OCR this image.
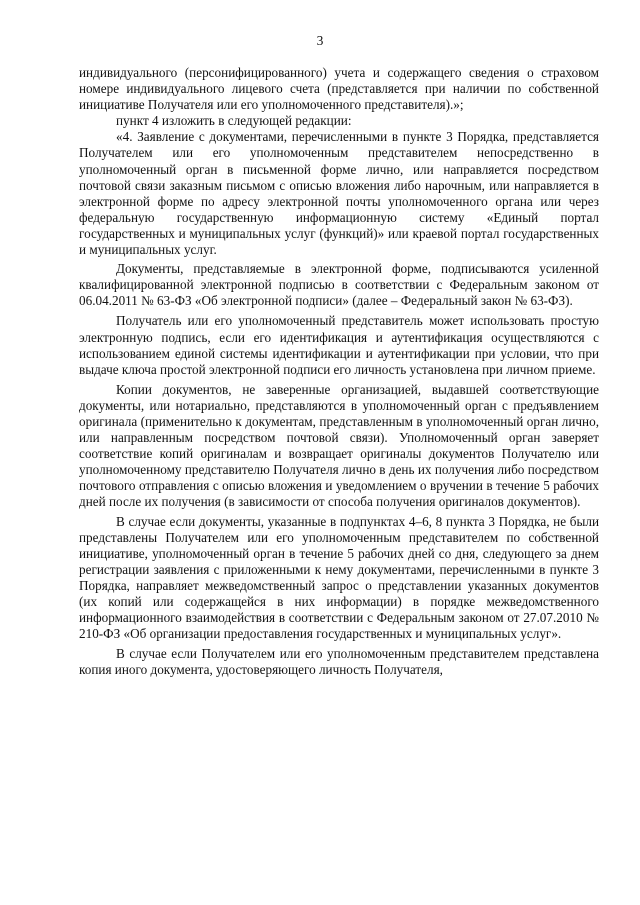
3

индивидуального (персонифицированного) учета и содержащего сведения о страховом номере индивидуального лицевого счета (представляется при наличии по собственной инициативе Получателя или его уполномоченного представителя).»;

пункт 4 изложить в следующей редакции:

«4. Заявление с документами, перечисленными в пункте 3 Порядка, представляется Получателем или его уполномоченным представителем непосредственно в уполномоченный орган в письменной форме лично, или направляется посредством почтовой связи заказным письмом с описью вложения либо нарочным, или направляется в электронной форме по адресу электронной почты уполномоченного органа или через федеральную государственную информационную систему «Единый портал государственных и муниципальных услуг (функций)» или краевой портал государственных и муниципальных услуг.

Документы, представляемые в электронной форме, подписываются усиленной квалифицированной электронной подписью в соответствии с Федеральным законом от 06.04.2011 № 63-ФЗ «Об электронной подписи» (далее – Федеральный закон № 63-ФЗ).

Получатель или его уполномоченный представитель может использовать простую электронную подпись, если его идентификация и аутентификация осуществляются с использованием единой системы идентификации и аутентификации при условии, что при выдаче ключа простой электронной подписи его личность установлена при личном приеме.

Копии документов, не заверенные организацией, выдавшей соответствующие документы, или нотариально, представляются в уполномоченный орган с предъявлением оригинала (применительно к документам, представленным в уполномоченный орган лично, или направленным посредством почтовой связи). Уполномоченный орган заверяет соответствие копий оригиналам и возвращает оригиналы документов Получателю или уполномоченному представителю Получателя лично в день их получения либо посредством почтового отправления с описью вложения и уведомлением о вручении в течение 5 рабочих дней после их получения (в зависимости от способа получения оригиналов документов).

В случае если документы, указанные в подпунктах 4–6, 8 пункта 3 Порядка, не были представлены Получателем или его уполномоченным представителем по собственной инициативе, уполномоченный орган в течение 5 рабочих дней со дня, следующего за днем регистрации заявления с приложенными к нему документами, перечисленными в пункте 3 Порядка, направляет межведомственный запрос о представлении указанных документов (их копий или содержащейся в них информации) в порядке межведомственного информационного взаимодействия в соответствии с Федеральным законом от 27.07.2010 № 210-ФЗ «Об организации предоставления государственных и муниципальных услуг».

В случае если Получателем или его уполномоченным представителем представлена копия иного документа, удостоверяющего личность Получателя,
